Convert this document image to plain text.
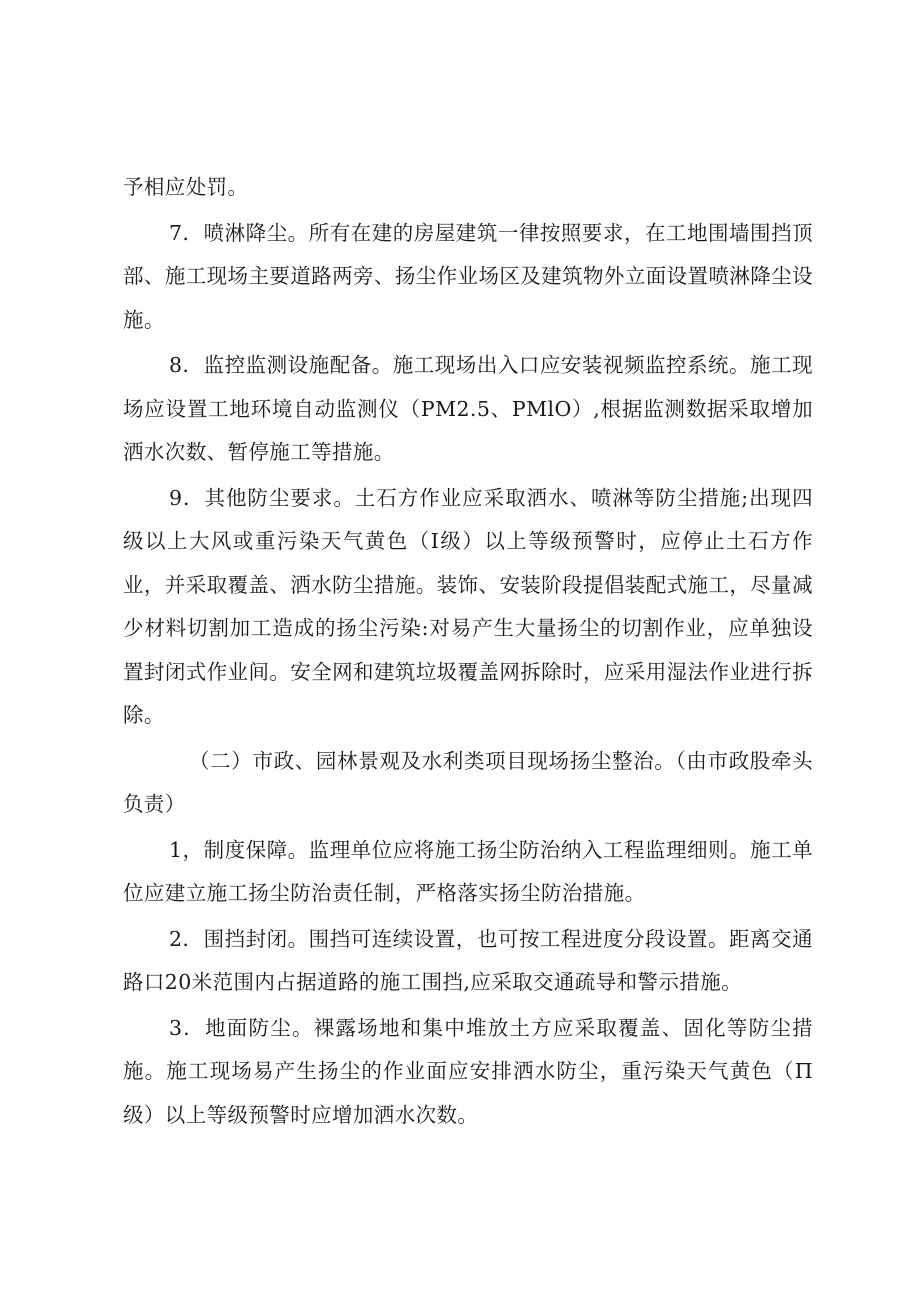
予相应处罚。

7．喷淋降尘。所有在建的房屋建筑一律按照要求，在工地围墙围挡顶部、施工现场主要道路两旁、扬尘作业场区及建筑物外立面设置喷淋降尘设施。

8．监控监测设施配备。施工现场出入口应安装视频监控系统。施工现场应设置工地环境自动监测仪（PM2.5、PMlO）,根据监测数据采取增加洒水次数、暂停施工等措施。

9．其他防尘要求。土石方作业应采取洒水、喷淋等防尘措施;出现四级以上大风或重污染天气黄色（I级）以上等级预警时，应停止土石方作业，并采取覆盖、洒水防尘措施。装饰、安装阶段提倡装配式施工，尽量减少材料切割加工造成的扬尘污染:对易产生大量扬尘的切割作业，应单独设置封闭式作业间。安全网和建筑垃圾覆盖网拆除时，应采用湿法作业进行拆除。

（二）市政、园林景观及水利类项目现场扬尘整治。（由市政股牵头负责）

1，制度保障。监理单位应将施工扬尘防治纳入工程监理细则。施工单位应建立施工扬尘防治责任制，严格落实扬尘防治措施。

2．围挡封闭。围挡可连续设置，也可按工程进度分段设置。距离交通路口20米范围内占据道路的施工围挡,应采取交通疏导和警示措施。

3．地面防尘。裸露场地和集中堆放土方应采取覆盖、固化等防尘措施。施工现场易产生扬尘的作业面应安排洒水防尘，重污染天气黄色（П级）以上等级预警时应增加洒水次数。
